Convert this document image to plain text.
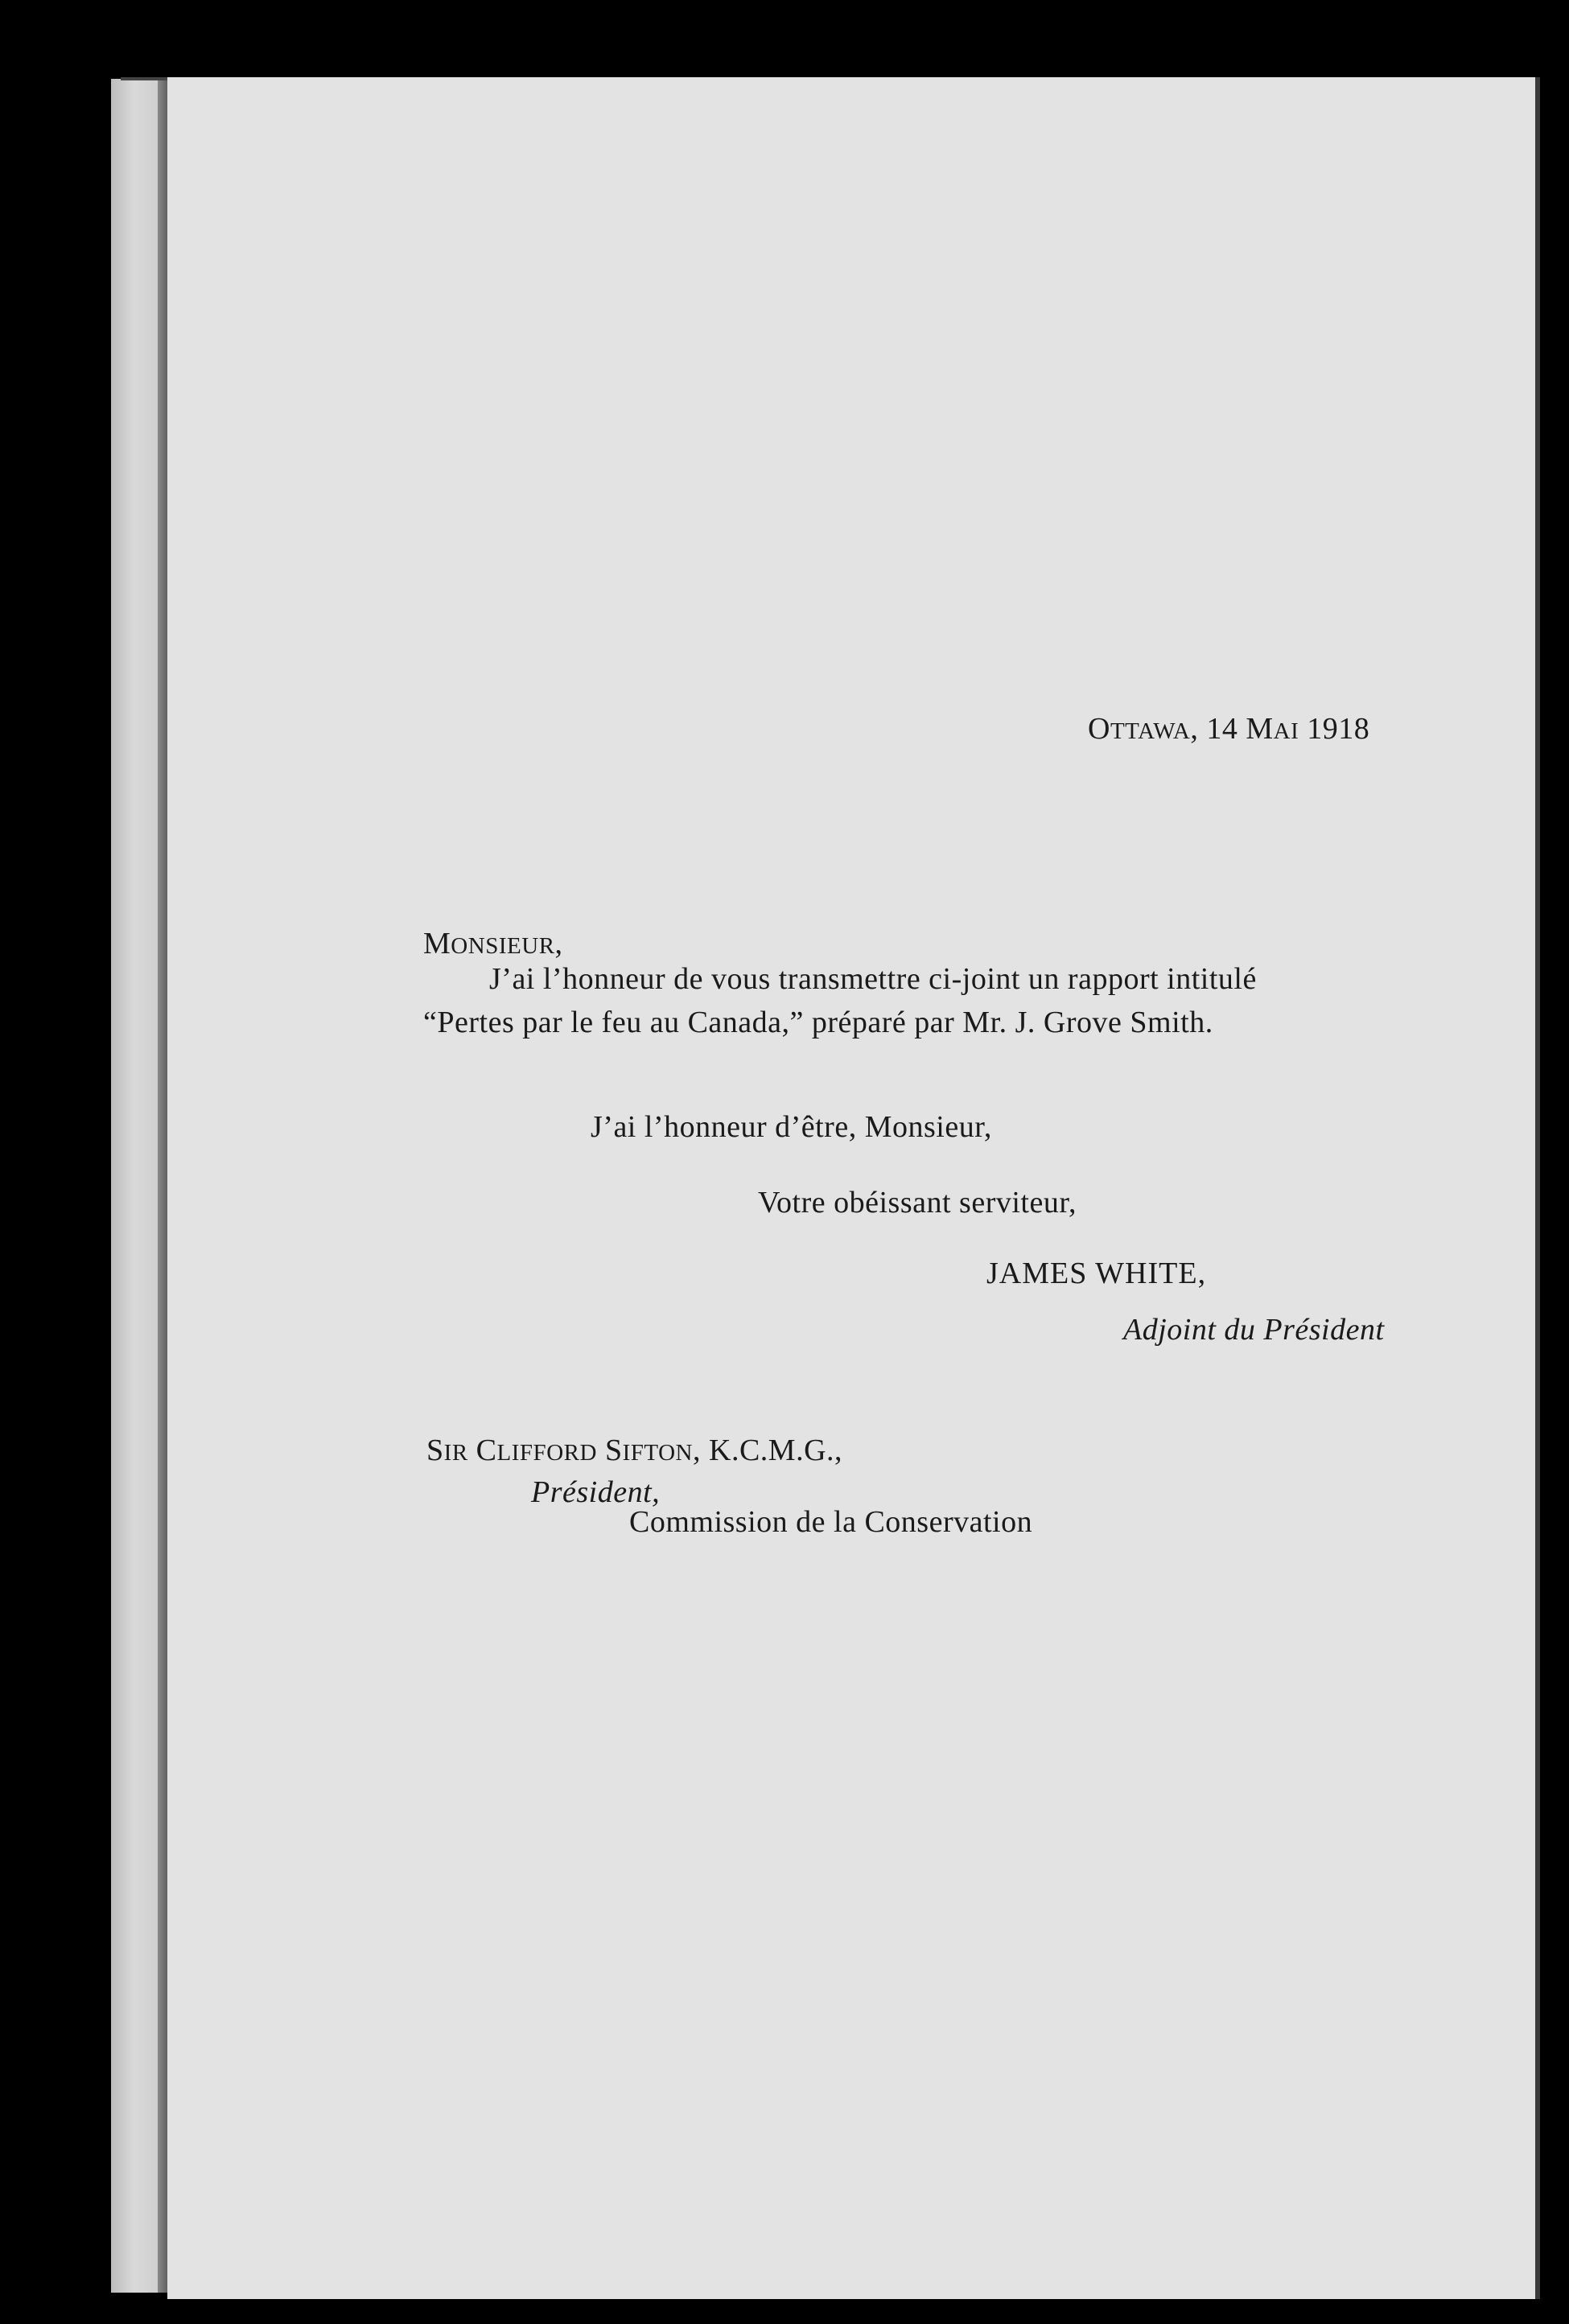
OTTAWA, 14 MAI 1918
MONSIEUR,
J’ai l’honneur de vous transmettre ci-joint un rapport intitulé
“Pertes par le feu au Canada,” préparé par Mr. J. Grove Smith.
J’ai l’honneur d’être, Monsieur,
Votre obéissant serviteur,
JAMES WHITE,
Adjoint du Président
SIR CLIFFORD SIFTON, K.C.M.G.,
Président,
Commission de la Conservation
